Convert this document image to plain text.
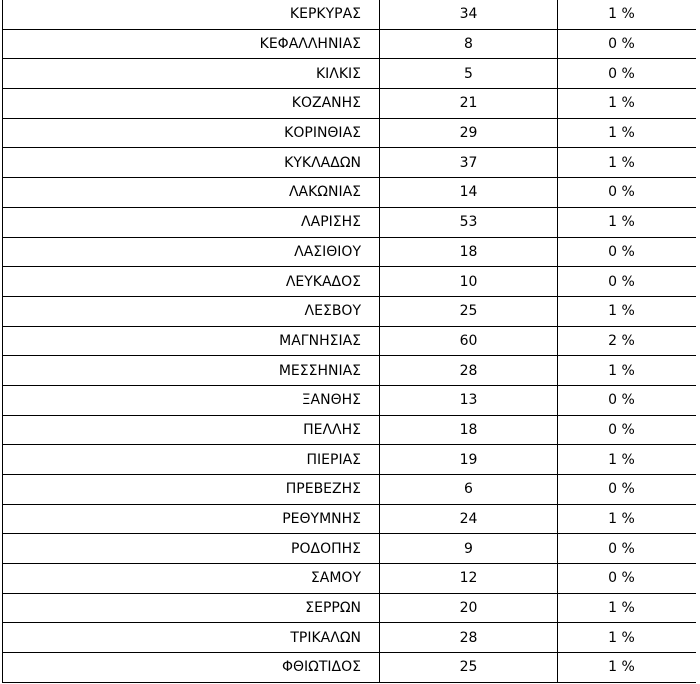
ΚΕΡΚΥΡΑΣ	34	1 %
ΚΕΦΑΛΛΗΝΙΑΣ	8	0 %
ΚΙΛΚΙΣ	5	0 %
ΚΟΖΑΝΗΣ	21	1 %
ΚΟΡΙΝΘΙΑΣ	29	1 %
ΚΥΚΛΑΔΩΝ	37	1 %
ΛΑΚΩΝΙΑΣ	14	0 %
ΛΑΡΙΣΗΣ	53	1 %
ΛΑΣΙΘΙΟΥ	18	0 %
ΛΕΥΚΑΔΟΣ	10	0 %
ΛΕΣΒΟΥ	25	1 %
ΜΑΓΝΗΣΙΑΣ	60	2 %
ΜΕΣΣΗΝΙΑΣ	28	1 %
ΞΑΝΘΗΣ	13	0 %
ΠΕΛΛΗΣ	18	0 %
ΠΙΕΡΙΑΣ	19	1 %
ΠΡΕΒΕΖΗΣ	6	0 %
ΡΕΘΥΜΝΗΣ	24	1 %
ΡΟΔΟΠΗΣ	9	0 %
ΣΑΜΟΥ	12	0 %
ΣΕΡΡΩΝ	20	1 %
ΤΡΙΚΑΛΩΝ	28	1 %
ΦΘΙΩΤΙΔΟΣ	25	1 %
